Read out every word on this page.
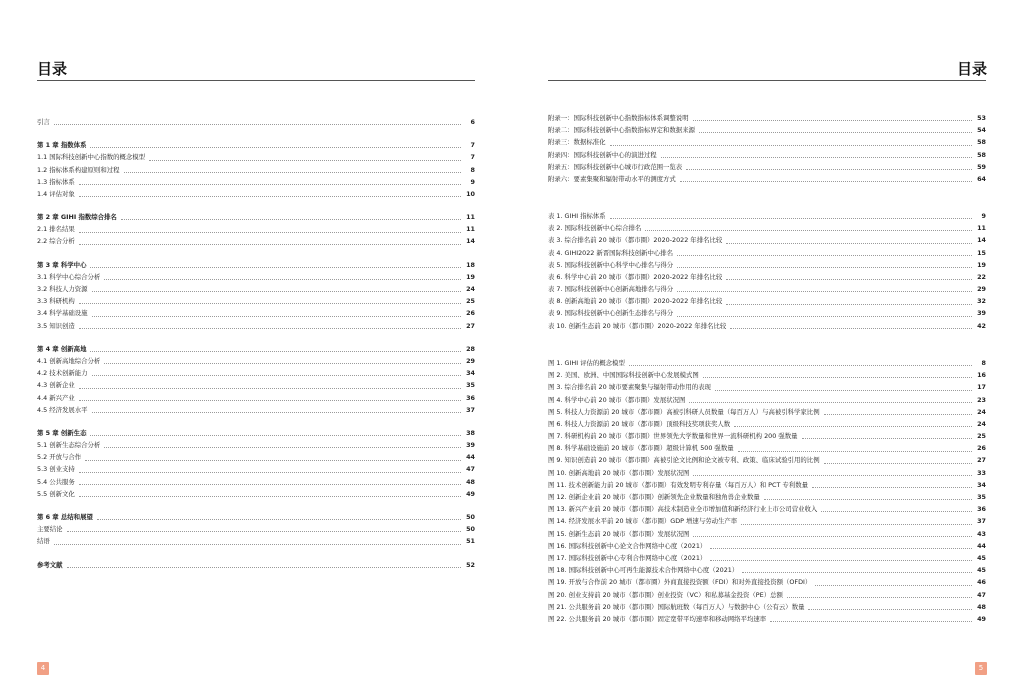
目录
引言	6
第 1 章 指数体系	7
1.1 国际科技创新中心指数的概念模型	7
1.2 指标体系构建原则和过程	8
1.3 指标体系	9
1.4 评估对象	10
第 2 章 GIHI 指数综合排名	11
2.1 排名结果	11
2.2 综合分析	14
第 3 章 科学中心	18
3.1 科学中心综合分析	19
3.2 科技人力资源	24
3.3 科研机构	25
3.4 科学基础设施	26
3.5 知识创造	27
第 4 章 创新高地	28
4.1 创新高地综合分析	29
4.2 技术创新能力	34
4.3 创新企业	35
4.4 新兴产业	36
4.5 经济发展水平	37
第 5 章 创新生态	38
5.1 创新生态综合分析	39
5.2 开放与合作	44
5.3 创业支持	47
5.4 公共服务	48
5.5 创新文化	49
第 6 章 总结和展望	50
主要结论	50
结语	51
参考文献	52
4
目录
附录一：国际科技创新中心指数指标体系调整说明	53
附录二：国际科技创新中心指数指标界定和数据来源	54
附录三：数据标准化	58
附录四：国际科技创新中心的演进过程	58
附录五：国际科技创新中心城市行政范围一览表	59
附录六：要素集聚和辐射带动水平的测度方式	64
表 1. GIHI 指标体系	9
表 2. 国际科技创新中心综合排名	11
表 3. 综合排名前 20 城市（都市圈）2020-2022 年排名比较	14
表 4. GIHI2022 新晋国际科技创新中心排名	15
表 5. 国际科技创新中心科学中心排名与得分	19
表 6. 科学中心前 20 城市（都市圈）2020-2022 年排名比较	22
表 7. 国际科技创新中心创新高地排名与得分	29
表 8. 创新高地前 20 城市（都市圈）2020-2022 年排名比较	32
表 9. 国际科技创新中心创新生态排名与得分	39
表 10. 创新生态前 20 城市（都市圈）2020-2022 年排名比较	42
图 1. GIHI 评估的概念模型	8
图 2. 美国、欧洲、中国国际科技创新中心发展模式图	16
图 3. 综合排名前 20 城市要素聚集与辐射带动作用的表现	17
图 4. 科学中心前 20 城市（都市圈）发展状况图	23
图 5. 科技人力资源前 20 城市（都市圈）高被引科研人员数量（每百万人）与高被引科学家比例	24
图 6. 科技人力资源前 20 城市（都市圈）顶级科技奖项获奖人数	24
图 7. 科研机构前 20 城市（都市圈）世界领先大学数量和世界一流科研机构 200 强数量	25
图 8. 科学基础设施前 20 城市（都市圈）超级计算机 500 强数量	26
图 9. 知识创造前 20 城市（都市圈）高被引论文比例和论文被专利、政策、临床试验引用的比例	27
图 10. 创新高地前 20 城市（都市圈）发展状况图	33
图 11. 技术创新能力前 20 城市（都市圈）有效发明专利存量（每百万人）和 PCT 专利数量	34
图 12. 创新企业前 20 城市（都市圈）创新领先企业数量和独角兽企业数量	35
图 13. 新兴产业前 20 城市（都市圈）高技术制造业全市增加值和新经济行业上市公司营业收入	36
图 14. 经济发展水平前 20 城市（都市圈）GDP 增速与劳动生产率	37
图 15. 创新生态前 20 城市（都市圈）发展状况图	43
图 16. 国际科技创新中心论文合作网络中心度（2021）	44
图 17. 国际科技创新中心专利合作网络中心度（2021）	45
图 18. 国际科技创新中心可再生能源技术合作网络中心度（2021）	45
图 19. 开放与合作前 20 城市（都市圈）外商直接投资额（FDI）和对外直接投资额（OFDI）	46
图 20. 创业支持前 20 城市（都市圈）创业投资（VC）和私募基金投资（PE）总额	47
图 21. 公共服务前 20 城市（都市圈）国际航班数（每百万人）与数据中心（公有云）数量	48
图 22. 公共服务前 20 城市（都市圈）固定宽带平均速率和移动网络平均速率	49
5
